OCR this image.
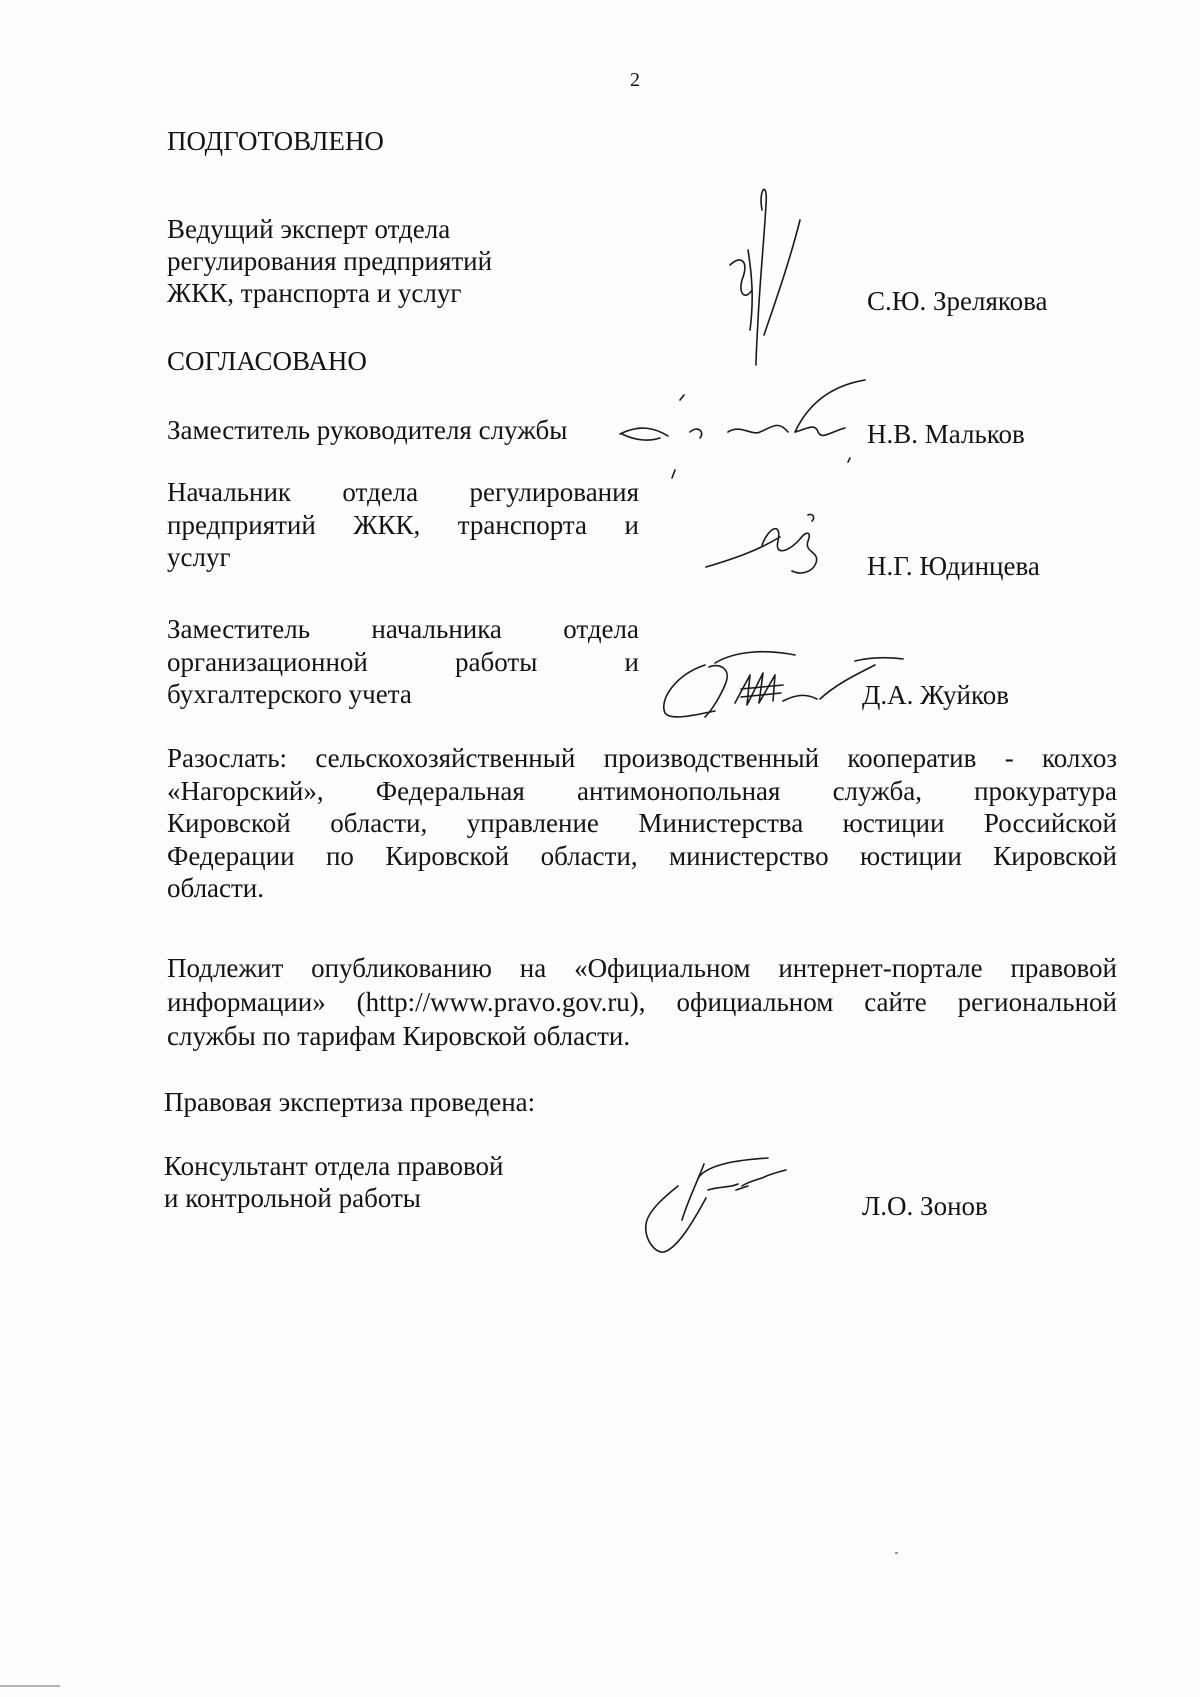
2
ПОДГОТОВЛЕНО
Ведущий эксперт отдела
регулирования предприятий
ЖКК, транспорта и услуг	С.Ю. Зрелякова
СОГЛАСОВАНО
Заместитель руководителя службы	Н.В. Мальков
Начальник отдела регулирования
предприятий ЖКК, транспорта и
услуг	Н.Г. Юдинцева
Заместитель начальника отдела
организационной работы и
бухгалтерского учета	Д.А. Жуйков
Разослать: сельскохозяйственный производственный кооператив - колхоз
«Нагорский», Федеральная антимонопольная служба, прокуратура
Кировской области, управление Министерства юстиции Российской
Федерации по Кировской области, министерство юстиции Кировской
области.
Подлежит опубликованию на «Официальном интернет-портале правовой
информации» (http://www.pravo.gov.ru), официальном сайте региональной
службы по тарифам Кировской области.
Правовая экспертиза проведена:
Консультант отдела правовой
и контрольной работы	Л.О. Зонов
